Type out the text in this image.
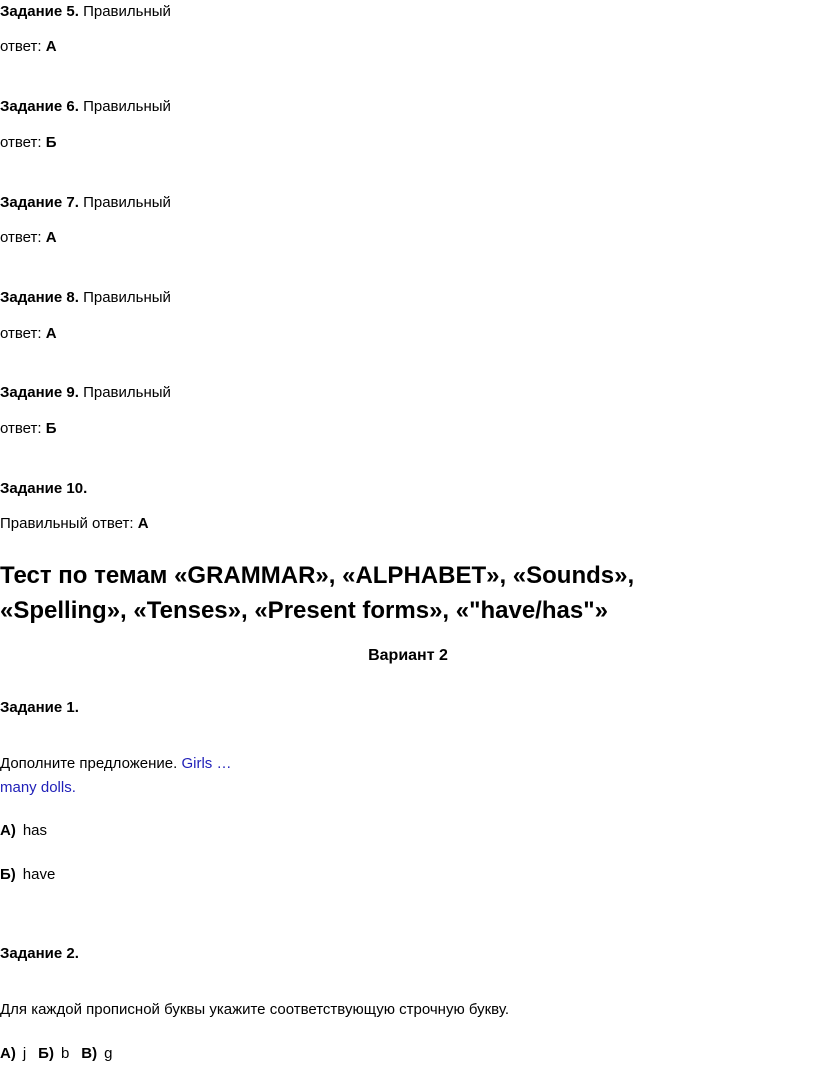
Задание 5. Правильный
ответ: А
Задание 6. Правильный
ответ: Б
Задание 7. Правильный
ответ: А
Задание 8. Правильный
ответ: А
Задание 9. Правильный
ответ: Б
Задание 10.
Правильный ответ: А
Тест по темам «GRAMMAR», «ALPHABET», «Sounds»,
«Spelling», «Tenses», «Present forms», «"have/has"»
Вариант 2
Задание 1.
Дополните предложение. Girls …
many dolls.
А) has
Б) have
Задание 2.
Для каждой прописной буквы укажите соответствующую строчную букву.
А) j Б) b В) g
